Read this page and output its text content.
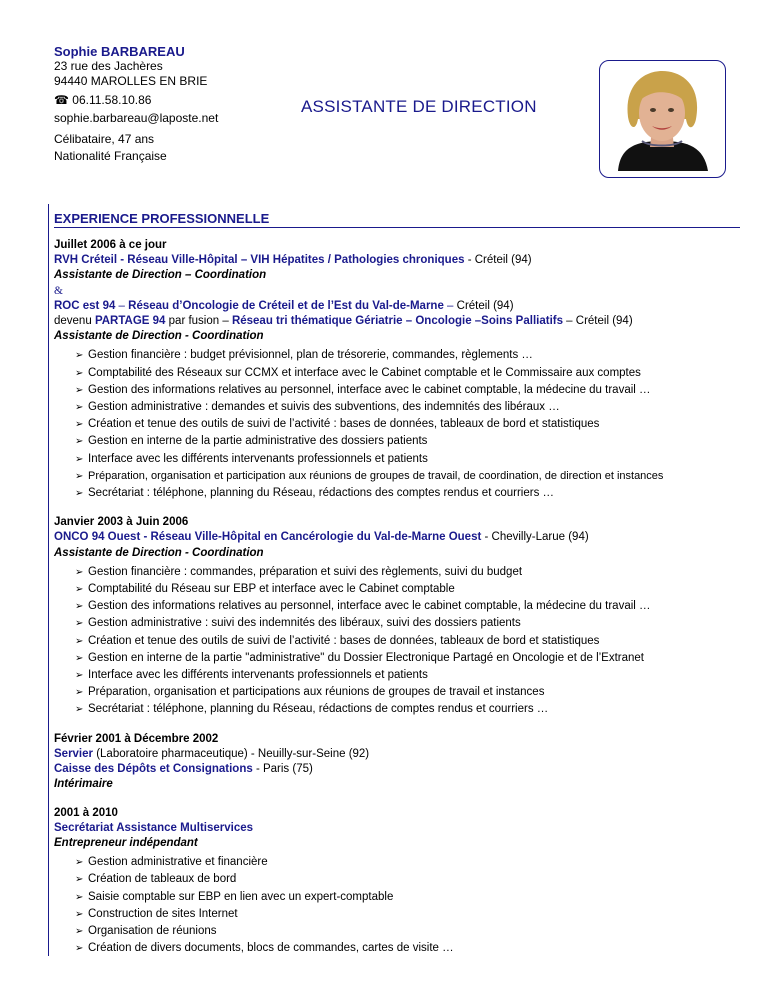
Sophie BARBAREAU
23 rue des Jachères
94440 MAROLLES EN BRIE
☎ 06.11.58.10.86
sophie.barbareau@laposte.net
Célibataire, 47 ans
Nationalité Française
ASSISTANTE DE DIRECTION
EXPERIENCE PROFESSIONNELLE
Juillet 2006 à ce jour
RVH Créteil - Réseau Ville-Hôpital – VIH Hépatites / Pathologies chroniques - Créteil (94)
Assistante de Direction – Coordination
&
ROC est 94 – Réseau d’Oncologie de Créteil et de l’Est du Val-de-Marne – Créteil (94)
devenu PARTAGE 94 par fusion – Réseau tri thématique Gériatrie – Oncologie –Soins Palliatifs – Créteil (94)
Assistante de Direction - Coordination
➢ Gestion financière : budget prévisionnel, plan de trésorerie, commandes, règlements …
➢ Comptabilité des Réseaux sur CCMX et interface avec le Cabinet comptable et le Commissaire aux comptes
➢ Gestion des informations relatives au personnel, interface avec le cabinet comptable, la médecine du travail …
➢ Gestion administrative : demandes et suivis des subventions, des indemnités des libéraux …
➢ Création et tenue des outils de suivi de l’activité : bases de données, tableaux de bord et statistiques
➢ Gestion en interne de la partie administrative des dossiers patients
➢ Interface avec les différents intervenants professionnels et patients
➢ Préparation, organisation et participation aux réunions de groupes de travail, de coordination, de direction et instances
➢ Secrétariat : téléphone, planning du Réseau, rédactions des comptes rendus et courriers …
Janvier 2003 à Juin 2006
ONCO 94 Ouest - Réseau Ville-Hôpital en Cancérologie du Val-de-Marne Ouest - Chevilly-Larue (94)
Assistante de Direction - Coordination
➢ Gestion financière : commandes, préparation et suivi des règlements, suivi du budget
➢ Comptabilité du Réseau sur EBP et interface avec le Cabinet comptable
➢ Gestion des informations relatives au personnel, interface avec le cabinet comptable, la médecine du travail …
➢ Gestion administrative : suivi des indemnités des libéraux, suivi des dossiers patients
➢ Création et tenue des outils de suivi de l’activité : bases de données, tableaux de bord et statistiques
➢ Gestion en interne de la partie "administrative" du Dossier Electronique Partagé en Oncologie et de l’Extranet
➢ Interface avec les différents intervenants professionnels et patients
➢ Préparation, organisation et participations aux réunions de groupes de travail et instances
➢ Secrétariat : téléphone, planning du Réseau, rédactions de comptes rendus et courriers …
Février 2001 à Décembre 2002
Servier (Laboratoire pharmaceutique) - Neuilly-sur-Seine (92)
Caisse des Dépôts et Consignations - Paris (75)
Intérimaire
2001 à 2010
Secrétariat Assistance Multiservices
Entrepreneur indépendant
➢ Gestion administrative et financière
➢ Création de tableaux de bord
➢ Saisie comptable sur EBP en lien avec un expert-comptable
➢ Construction de sites Internet
➢ Organisation de réunions
➢ Création de divers documents, blocs de commandes, cartes de visite …
